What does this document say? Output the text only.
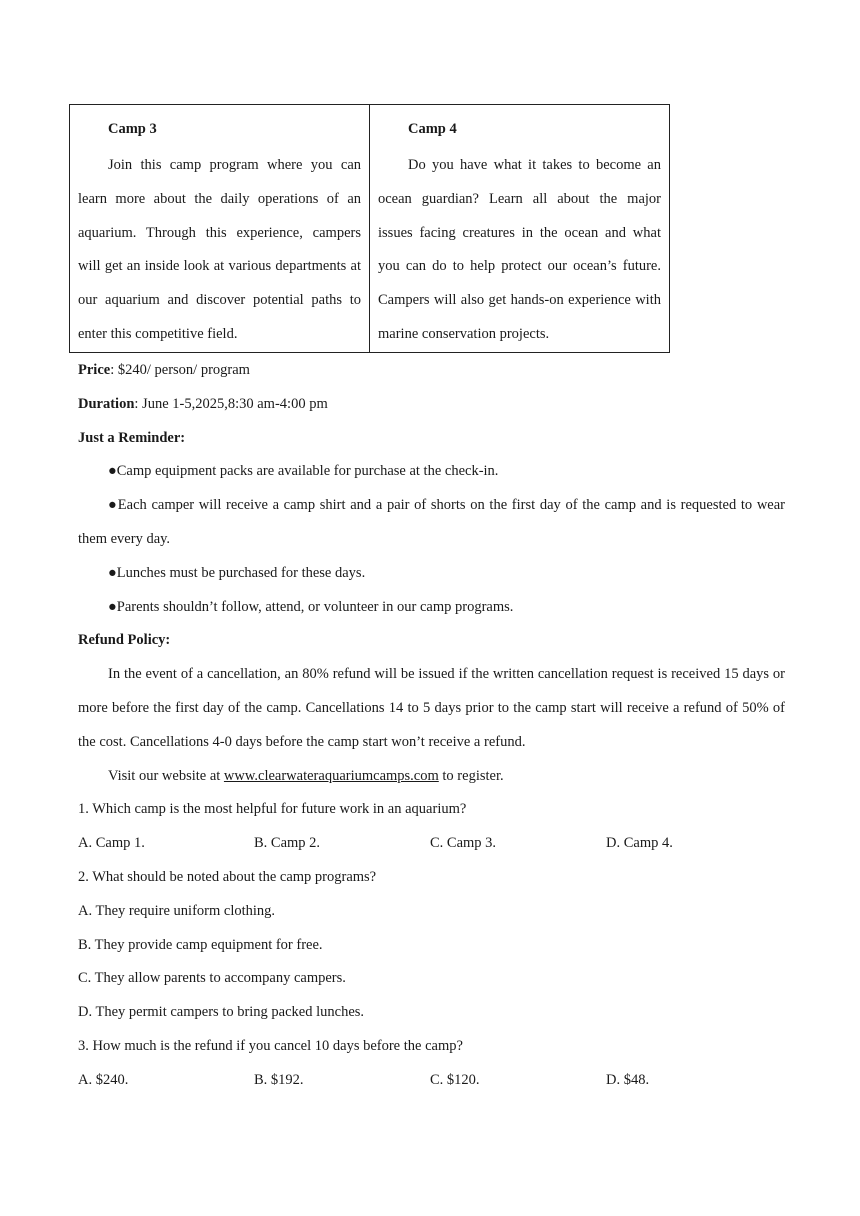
Camp 3

Join this camp program where you can learn more about the daily operations of an aquarium. Through this experience, campers will get an inside look at various departments at our aquarium and discover potential paths to enter this competitive field.

Camp 4

Do you have what it takes to become an ocean guardian? Learn all about the major issues facing creatures in the ocean and what you can do to help protect our ocean’s future. Campers will also get hands-on experience with marine conservation projects.

Price: $240/ person/ program

Duration: June 1-5,2025,8:30 am-4:00 pm

Just a Reminder:

●Camp equipment packs are available for purchase at the check-in.

●Each camper will receive a camp shirt and a pair of shorts on the first day of the camp and is requested to wear them every day.

●Lunches must be purchased for these days.

●Parents shouldn’t follow, attend, or volunteer in our camp programs.

Refund Policy:

In the event of a cancellation, an 80% refund will be issued if the written cancellation request is received 15 days or more before the first day of the camp. Cancellations 14 to 5 days prior to the camp start will receive a refund of 50% of the cost. Cancellations 4-0 days before the camp start won’t receive a refund.

Visit our website at www.clearwateraquariumcamps.com to register.

1. Which camp is the most helpful for future work in an aquarium?

A. Camp 1.	B. Camp 2.	C. Camp 3.	D. Camp 4.

2. What should be noted about the camp programs?

A. They require uniform clothing.

B. They provide camp equipment for free.

C. They allow parents to accompany campers.

D. They permit campers to bring packed lunches.

3. How much is the refund if you cancel 10 days before the camp?

A. $240.	B. $192.	C. $120.	D. $48.
